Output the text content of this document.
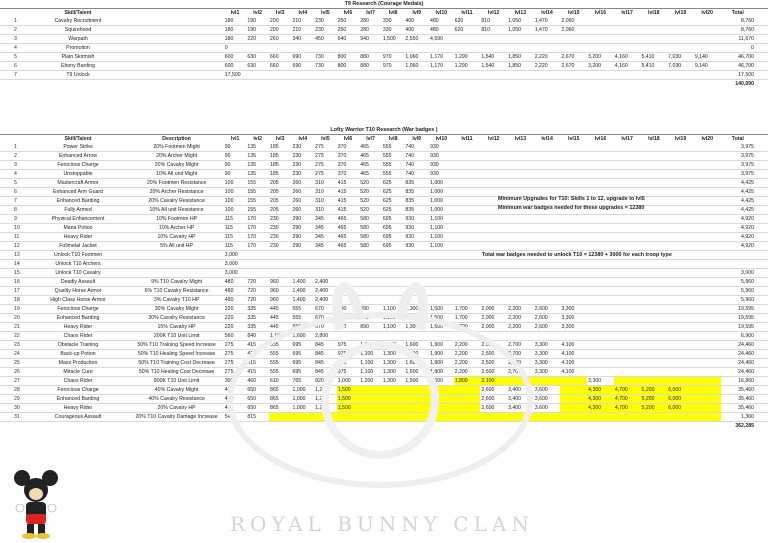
T9 Research (Courage Medals)																							
	Skill/Talent		lvl1	lvl2	lvl3	lvl4	lvl5	lvl6	lvl7	lvl8	lvl9	lvl10	lvl11	lvl12	lvl13	lvl14	lvl15	lvl16	lvl17	lvl18	lvl19	lvl20	Total
1	Cavalry Recruitment		180	190	200	210	230	250	280	330	400	480	620	810	1,050	1,470	2,060						8,760
2	Squirehood		180	190	200	210	230	250	280	330	400	480	620	810	1,050	1,470	2,060						8,760
3	Warpath		180	220	260	340	450	640	940	1,500	2,550	4,590											11,670
4	Promotion		0																				0
5	Plain Skirmish		600	630	660	690	730	800	880	970	1,060	1,170	1,290	1,540	1,850	2,220	2,670	3,200	4,160	5,410	7,030	9,140	46,700
6	Ebony Barding		600	630	660	690	730	800	880	970	1,060	1,170	1,290	1,540	1,850	2,220	2,670	3,200	4,160	5,410	7,030	9,140	46,700
7	T9 Unlock		17,500																				17,500
																							140,090
Lofty Warrior T10 Research (War badges )																							
	Skill/Talent	Description	lvl1	lvl2	lvl3	lvl4	lvl5	lvl6	lvl7	lvl8	lvl9	lvl10	lvl11	lvl12	lvl13	lvl14	lvl15	lvl16	lvl17	lvl18	lvl19	lvl20	Total
1	Power Strike	20% Footmen Might	90	135	185	230	275	370	465	555	740	930											3,975
2	Enhanced Arrow	20% Archer Might	90	135	185	230	275	370	465	555	740	930											3,975
3	Ferocious Charge	20% Cavalry Might	90	135	185	230	275	370	465	555	740	930											3,975
4	Unstoppable	10% All unit Might	90	135	185	230	275	370	465	555	740	930											3,975
5	Mastercraft Armor	20% Footmen Resistance	100	155	205	260	310	415	520	625	835	1,000											4,425
6	Enhanced Arm Guard	20% Archer Resistance	100	155	205	260	310	415	520	625	835	1,000											4,425
7	Enhanced Barding	20% Cavalry Resistance	100	155	205	260	310	415	520	625	835	1,000											4,425
8	Fully Armed	10% All unit Resistance	100	155	205	260	310	415	520	625	835	1,000											4,425
9	Physical Enhancement	10% Footmen HP	115	170	230	290	345	465	580	695	930	1,100											4,920
10	Mana Potion	10% Archer HP	115	170	230	290	345	465	580	695	930	1,100											4,920
11	Heavy Rider	10% Cavalry HP	115	170	230	290	345	465	580	695	930	1,100											4,920
12	Fullmetal Jacket	5% All unit HP	115	170	230	290	345	465	580	695	930	1,100											4,920
13	Unlock T10 Footmen		3,000																				
14	Unlock T10 Archers		3,000																				
15	Unlock T10 Cavalry		3,000																				3,000
16	Deadly Assault	9% T10 Cavalry Might	480	720	960	1,400	2,400																5,960
17	Quality Horse Armor	6% T10 Cavalry Resistance	480	720	960	1,400	2,400																5,960
18	High Class Horse Armor	3% Cavalry T10 HP	480	720	960	1,400	2,400																5,960
19	Ferocious Charge	30% Cavalry Might	220	335	445	555	670	780	890	1,100	1,300	1,500	1,700	2,000	2,200	2,600	3,300						19,595
20	Enhanced Barding	30% Cavalry Resistance	220	335	445	555	670	780	890	1,100	1,300	1,500	1,700	2,000	2,200	2,600	3,300						19,595
21	Heavy Rider	15% Cavalry HP	220	335	445	555	670	780	890	1,100	1,300	1,500	1,700	2,000	2,200	2,600	3,300						19,595
22	Chaos Rider	200K T10 Unit Limit	560	840	1,100	1,600	2,800																6,900
23	Obstacle Training	50% T10 Training Speed Increase	275	415	555	695	845	975	1,100	1,300	1,600	1,900	2,200	2,500	2,700	3,300	4,100						24,460
24	Back-up Potion	50% T10 Healing Speed Increase	275	415	555	695	845	975	1,100	1,300	1,600	1,900	2,200	2,500	2,700	3,300	4,100						24,460
25	Mass Production	50% T10 Training Cost Decrease	275	415	555	695	845	975	1,100	1,300	1,600	1,900	2,200	2,500	2,700	3,300	4,100						24,460
26	Miracle Cure	50% T10 Healing Cost Decrease	275	415	555	695	845	975	1,100	1,300	1,600	1,900	2,200	2,500	2,700	3,300	4,100						24,460
27	Chaos Rider	800K T10 Unit Limit	305	460	610	765	920	1,000	1,200	1,300	1,500	1,600	1,800	2,100				3,300					16,860
28	Ferocious Charge	40% Cavalry Might	430	650	865	1,000	1,215	1,500						2,600	3,400	3,600		4,300	4,700	5,200	6,000		35,460
29	Enhanced Barding	40% Cavalry Resistance	430	650	865	1,000	1,215	1,500						2,600	3,400	3,600		4,300	4,700	5,200	6,000		35,460
30	Heavy Rider	20% Cavalry HP	430	650	865	1,000	1,215	1,500						2,600	3,400	3,600		4,300	4,700	5,200	6,000		35,460
31	Courageous Assault	20% T10 Cavalry Damage Increase	545	815																			1,360
																							362,285
Minimum Upgrades for T10: Skills 1 to 12, upgrade to lvl5
Minimum war badges needed for these upgrades = 12380
Total war badges needed to unlock T10 = 12380 + 3000 for each troop type
ROYAL BUNNY CLAN
